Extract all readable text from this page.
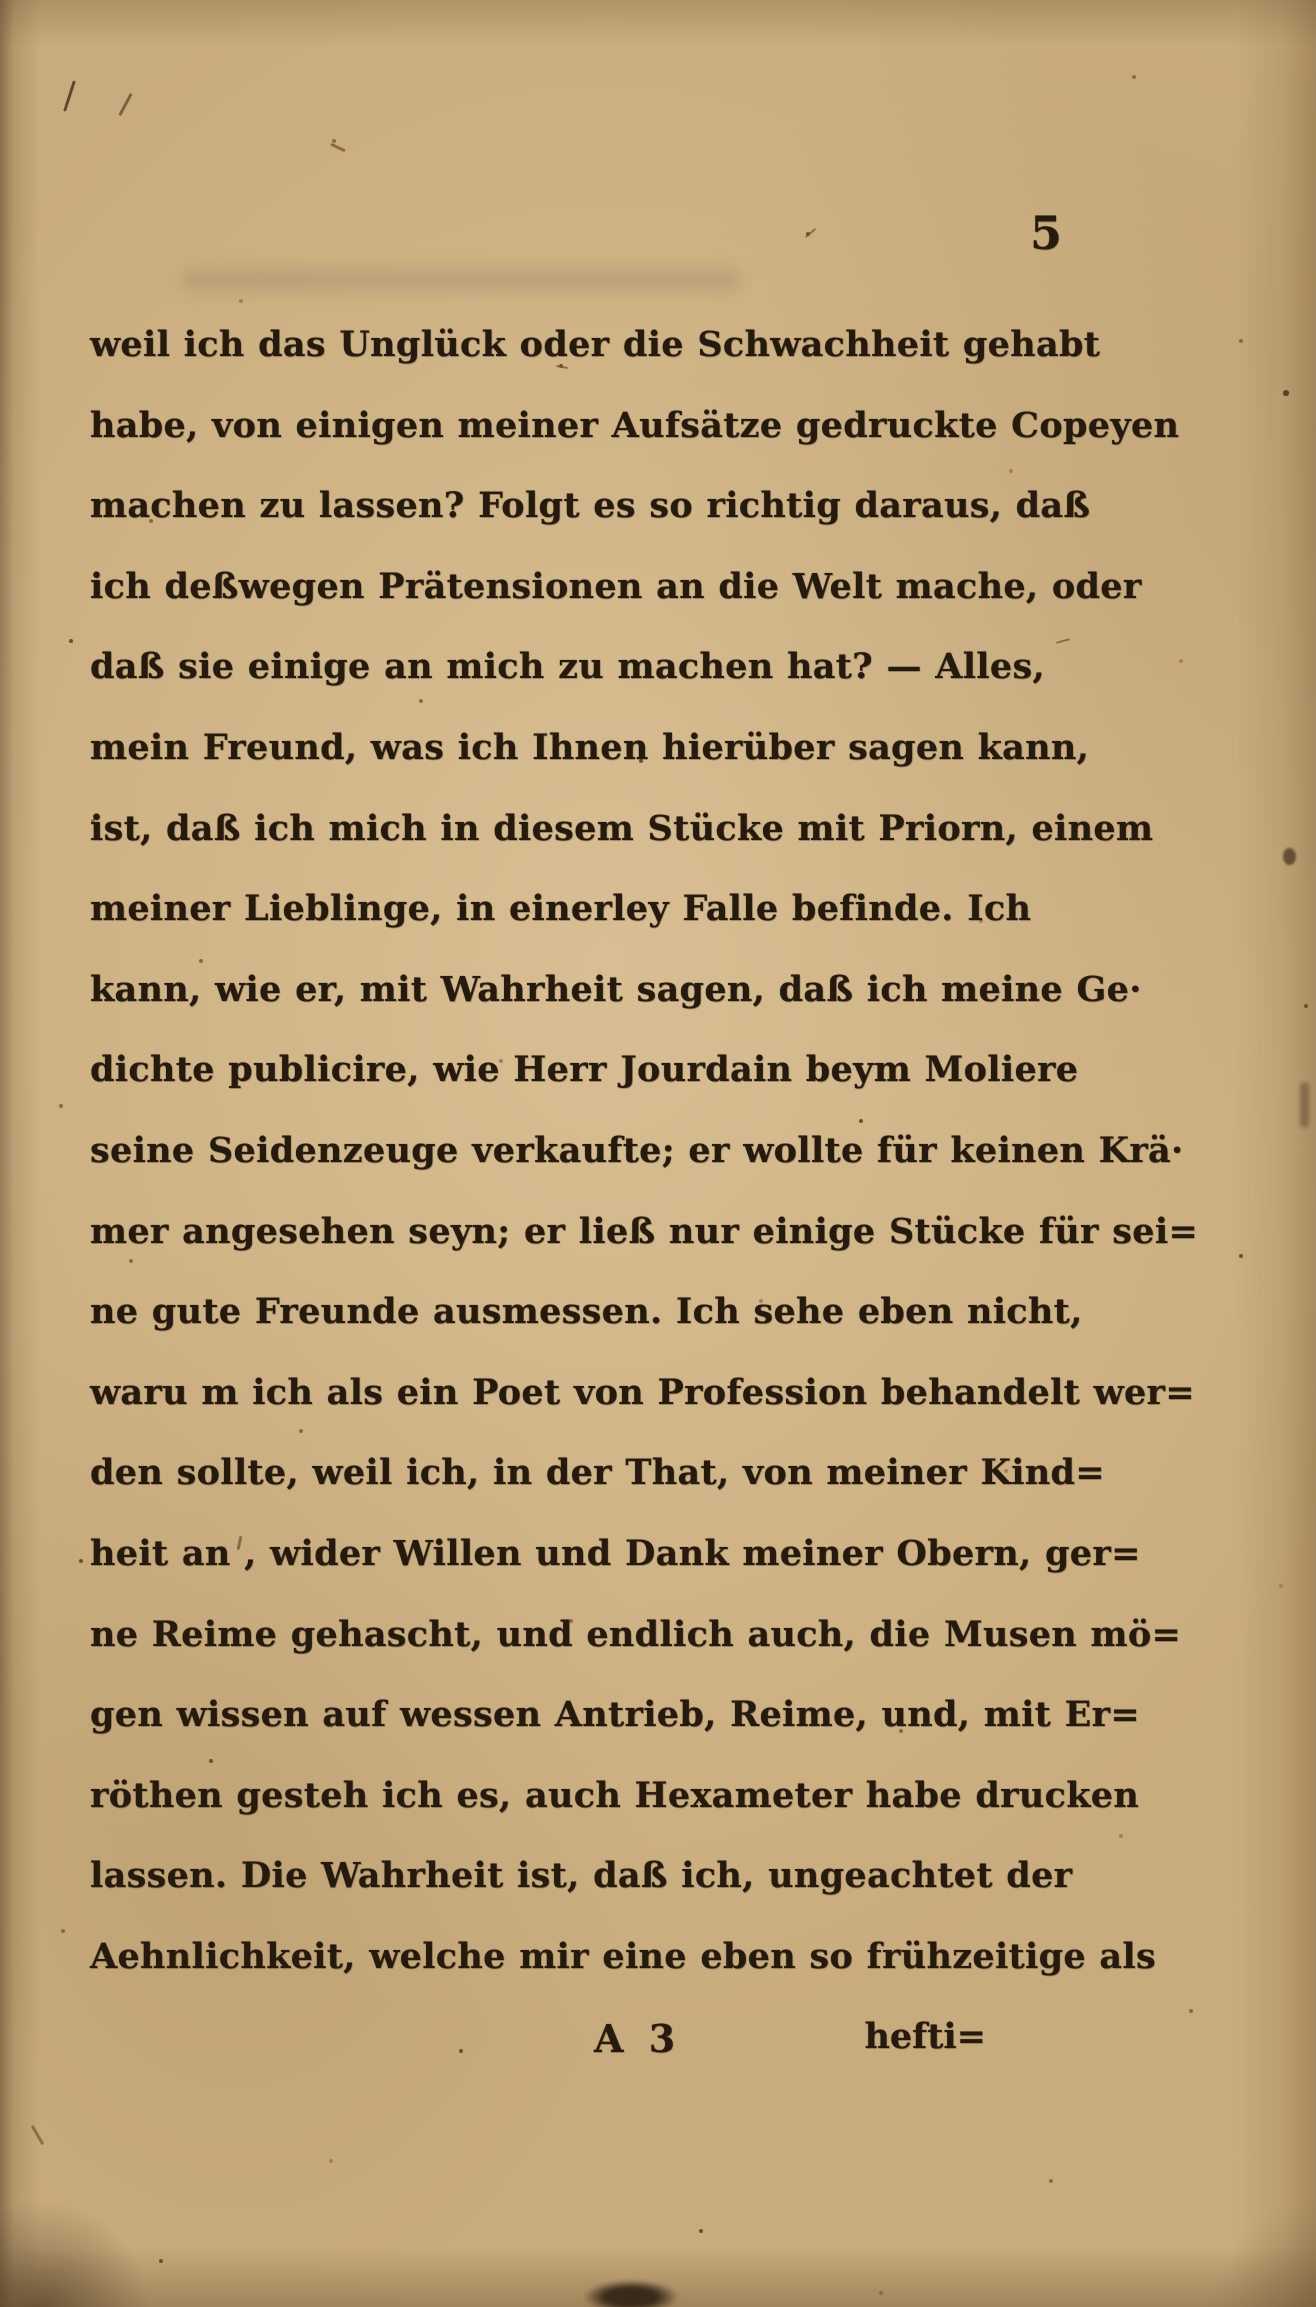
5
weil ich das Unglück oder die Schwachheit gehabt
habe, von einigen meiner Aufsätze gedruckte Copeyen
machen zu lassen? Folgt es so richtig daraus, daß
ich deßwegen Prätensionen an die Welt mache, oder
daß sie einige an mich zu machen hat? — Alles,
mein Freund, was ich Ihnen hierüber sagen kann,
ist, daß ich mich in diesem Stücke mit Priorn, einem
meiner Lieblinge, in einerley Falle befinde. Ich
kann, wie er, mit Wahrheit sagen, daß ich meine Ge·
dichte publicire, wie Herr Jourdain beym Moliere
seine Seidenzeuge verkaufte; er wollte für keinen Krä·
mer angesehen seyn; er ließ nur einige Stücke für sei=
ne gute Freunde ausmessen. Ich sehe eben nicht,
waru m ich als ein Poet von Profession behandelt wer=
den sollte, weil ich, in der That, von meiner Kind=
heit an , wider Willen und Dank meiner Obern, ger=
ne Reime gehascht, und endlich auch, die Musen mö=
gen wissen auf wessen Antrieb, Reime, und, mit Er=
röthen gesteh ich es, auch Hexameter habe drucken
lassen. Die Wahrheit ist, daß ich, ungeachtet der
Aehnlichkeit, welche mir eine eben so frühzeitige als
A 3	hefti=
